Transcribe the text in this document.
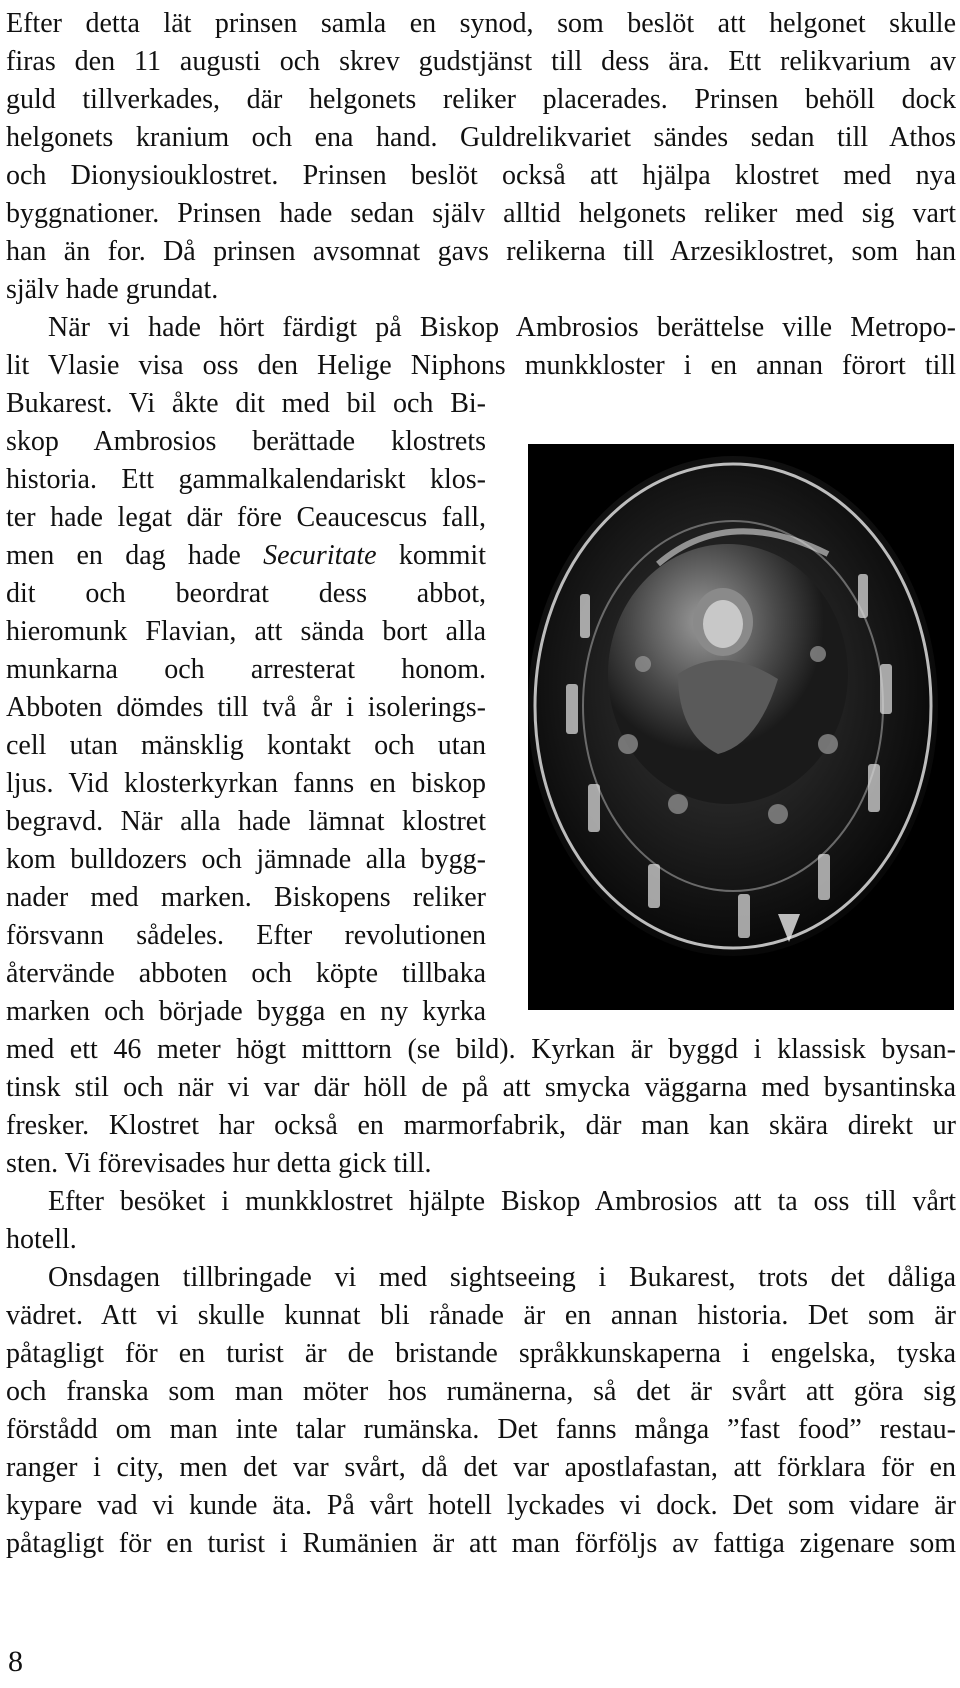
Efter detta lät prinsen samla en synod, som beslöt att helgonet skulle
firas den 11 augusti och skrev gudstjänst till dess ära. Ett relikvarium av
guld tillverkades, där helgonets reliker placerades. Prinsen behöll dock
helgonets kranium och ena hand. Guldrelikvariet sändes sedan till Athos
och Dionysiouklostret. Prinsen beslöt också att hjälpa klostret med nya
byggnationer. Prinsen hade sedan själv alltid helgonets reliker med sig vart
han än for. Då prinsen avsomnat gavs relikerna till Arzesiklostret, som han
själv hade grundat.
När vi hade hört färdigt på Biskop Ambrosios berättelse ville Metropo-
lit Vlasie visa oss den Helige Niphons munkkloster i en annan förort till
Bukarest. Vi åkte dit med bil och Bi-
skop Ambrosios berättade klostrets
historia. Ett gammalkalendariskt klos-
ter hade legat där före Ceaucescus fall,
men en dag hade Securitate kommit
dit och beordrat dess abbot,
hieromunk Flavian, att sända bort alla
munkarna och arresterat honom.
Abboten dömdes till två år i isolerings-
cell utan mänsklig kontakt och utan
ljus. Vid klosterkyrkan fanns en biskop
begravd. När alla hade lämnat klostret
kom bulldozers och jämnade alla bygg-
nader med marken. Biskopens reliker
försvann sådeles. Efter revolutionen
återvände abboten och köpte tillbaka
marken och började bygga en ny kyrka
med ett 46 meter högt mitttorn (se bild). Kyrkan är byggd i klassisk bysan-
tinsk stil och när vi var där höll de på att smycka väggarna med bysantinska
fresker. Klostret har också en marmorfabrik, där man kan skära direkt ur
sten. Vi förevisades hur detta gick till.
Efter besöket i munkklostret hjälpte Biskop Ambrosios att ta oss till vårt
hotell.
Onsdagen tillbringade vi med sightseeing i Bukarest, trots det dåliga
vädret. Att vi skulle kunnat bli rånade är en annan historia. Det som är
påtagligt för en turist är de bristande språkkunskaperna i engelska, tyska
och franska som man möter hos rumänerna, så det är svårt att göra sig
förstådd om man inte talar rumänska. Det fanns många ”fast food” restau-
ranger i city, men det var svårt, då det var apostlafastan, att förklara för en
kypare vad vi kunde äta. På vårt hotell lyckades vi dock. Det som vidare är
påtagligt för en turist i Rumänien är att man förföljs av fattiga zigenare som
8
